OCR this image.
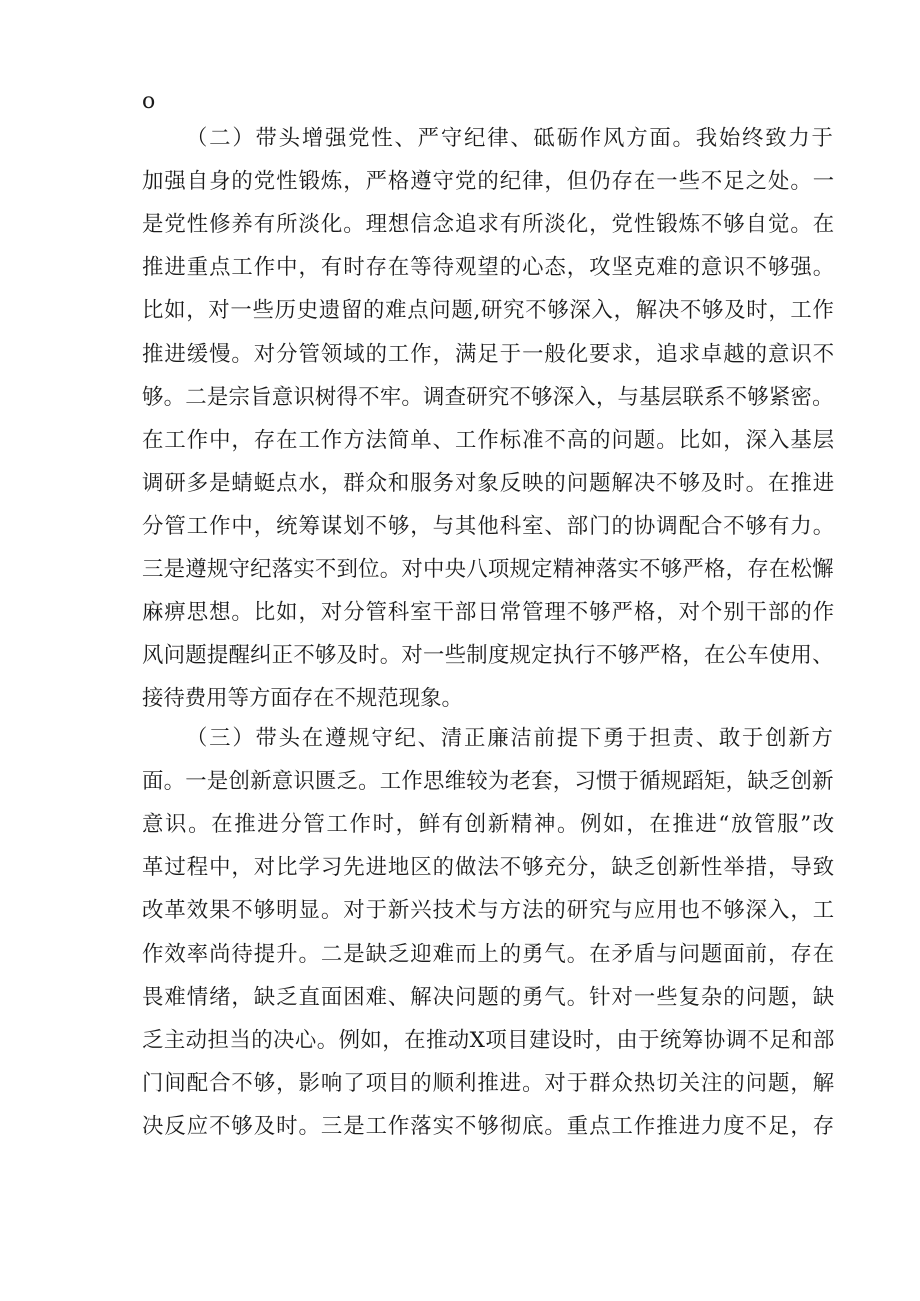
o
（二）带头增强党性、严守纪律、砥砺作风方面。我始终致力于
加强自身的党性锻炼，严格遵守党的纪律，但仍存在一些不足之处。一
是党性修养有所淡化。理想信念追求有所淡化，党性锻炼不够自觉。在
推进重点工作中，有时存在等待观望的心态，攻坚克难的意识不够强。
比如，对一些历史遗留的难点问题,研究不够深入，解决不够及时，工作
推进缓慢。对分管领域的工作，满足于一般化要求，追求卓越的意识不
够。二是宗旨意识树得不牢。调查研究不够深入，与基层联系不够紧密。
在工作中，存在工作方法简单、工作标准不高的问题。比如，深入基层
调研多是蜻蜓点水，群众和服务对象反映的问题解决不够及时。在推进
分管工作中，统筹谋划不够，与其他科室、部门的协调配合不够有力。
三是遵规守纪落实不到位。对中央八项规定精神落实不够严格，存在松懈
麻痹思想。比如，对分管科室干部日常管理不够严格，对个别干部的作
风问题提醒纠正不够及时。对一些制度规定执行不够严格，在公车使用、
接待费用等方面存在不规范现象。
（三）带头在遵规守纪、清正廉洁前提下勇于担责、敢于创新方
面。一是创新意识匮乏。工作思维较为老套，习惯于循规蹈矩，缺乏创新
意识。在推进分管工作时，鲜有创新精神。例如，在推进“放管服”改
革过程中，对比学习先进地区的做法不够充分，缺乏创新性举措，导致
改革效果不够明显。对于新兴技术与方法的研究与应用也不够深入，工
作效率尚待提升。二是缺乏迎难而上的勇气。在矛盾与问题面前，存在
畏难情绪，缺乏直面困难、解决问题的勇气。针对一些复杂的问题，缺
乏主动担当的决心。例如，在推动X项目建设时，由于统筹协调不足和部
门间配合不够，影响了项目的顺利推进。对于群众热切关注的问题，解
决反应不够及时。三是工作落实不够彻底。重点工作推进力度不足，存
